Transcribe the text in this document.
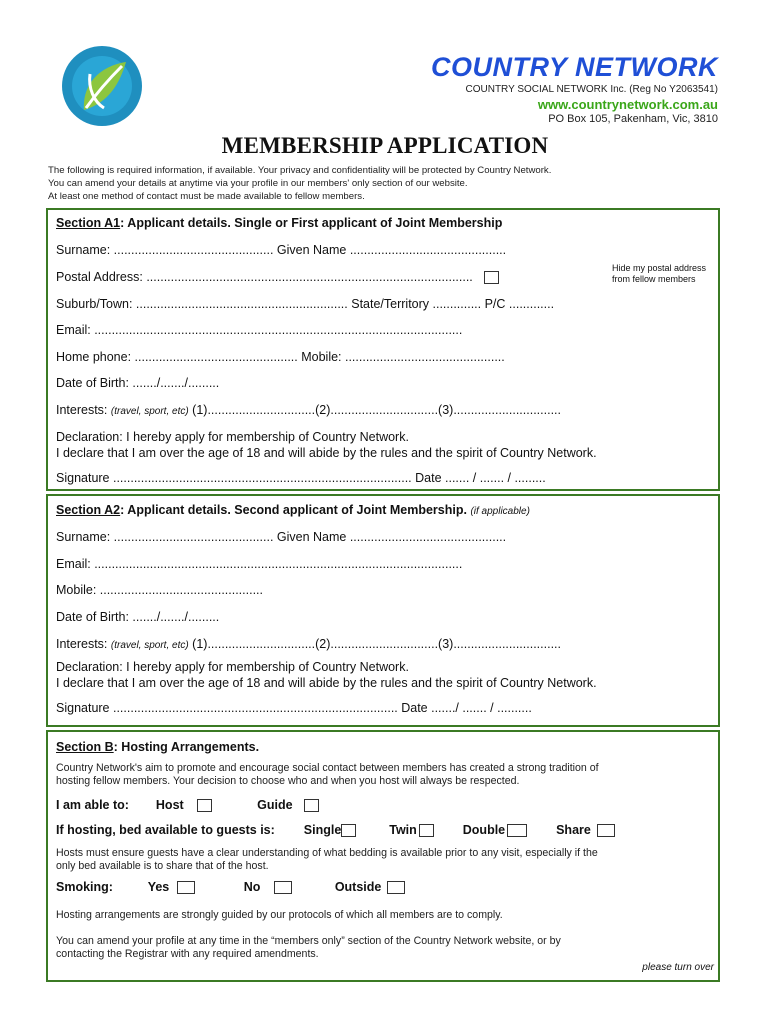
COUNTRY NETWORK
COUNTRY SOCIAL NETWORK Inc. (Reg No Y2063541)
www.countrynetwork.com.au
PO Box 105, Pakenham, Vic, 3810
MEMBERSHIP APPLICATION
The following is required information, if available. Your privacy and confidentiality will be protected by Country Network.
You can amend your details at anytime via your profile in our members' only section of our website.
At least one method of contact must be made available to fellow members.
Section A1: Applicant details. Single or First applicant of Joint Membership
Surname: .............................................. Given Name .............................................
Postal Address: ..............................................................................................
Hide my postal address
from fellow members
Suburb/Town: ............................................................. State/Territory .............. P/C .............
Email: ..........................................................................................................
Home phone: ............................................... Mobile: ..............................................
Date of Birth: ......./......./.........
Interests: (travel, sport, etc) (1)...............................(2)...............................(3)...............................
Declaration: I hereby apply for membership of Country Network.
I declare that I am over the age of 18 and will abide by the rules and the spirit of Country Network.
Signature ...................................................................................... Date ....... / ....... / .........
Section A2: Applicant details. Second applicant of Joint Membership. (if applicable)
Surname: .............................................. Given Name .............................................
Email: ..........................................................................................................
Mobile: ...............................................
Date of Birth: ......./......./.........
Interests: (travel, sport, etc) (1)...............................(2)...............................(3)...............................
Declaration: I hereby apply for membership of Country Network.
I declare that I am over the age of 18 and will abide by the rules and the spirit of Country Network.
Signature .................................................................................. Date ......./ ....... / ..........
Section B: Hosting Arrangements.
Country Network's aim to promote and encourage social contact between members has created a strong tradition of
hosting fellow members. Your decision to choose who and when you host will always be respected.
I am able to: Host	Guide
If hosting, bed available to guests is: Single	Twin	Double	Share
Hosts must ensure guests have a clear understanding of what bedding is available prior to any visit, especially if the
only bed available is to share that of the host.
Smoking:	Yes	No	Outside
Hosting arrangements are strongly guided by our protocols of which all members are to comply.
You can amend your profile at any time in the “members only” section of the Country Network website, or by
contacting the Registrar with any required amendments.
please turn over
